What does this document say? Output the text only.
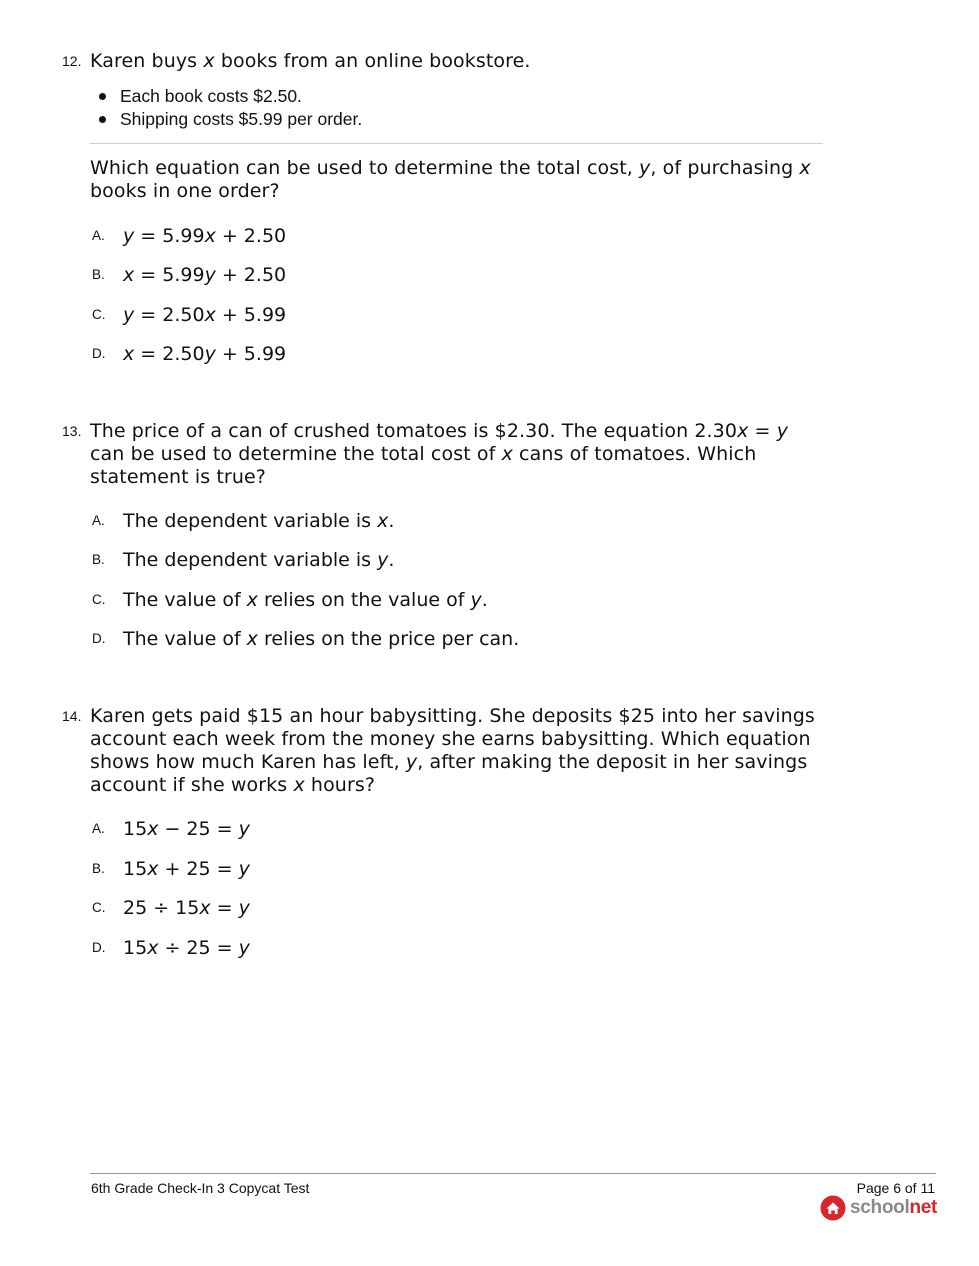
12. Karen buys x books from an online bookstore.
Each book costs $2.50.
Shipping costs $5.99 per order.
Which equation can be used to determine the total cost, y, of purchasing x books in one order?
A. y = 5.99x + 2.50
B. x = 5.99y + 2.50
C. y = 2.50x + 5.99
D. x = 2.50y + 5.99
13. The price of a can of crushed tomatoes is $2.30. The equation 2.30x = y can be used to determine the total cost of x cans of tomatoes. Which statement is true?
A. The dependent variable is x.
B. The dependent variable is y.
C. The value of x relies on the value of y.
D. The value of x relies on the price per can.
14. Karen gets paid $15 an hour babysitting. She deposits $25 into her savings account each week from the money she earns babysitting. Which equation shows how much Karen has left, y, after making the deposit in her savings account if she works x hours?
A. 15x − 25 = y
B. 15x + 25 = y
C. 25 ÷ 15x = y
D. 15x ÷ 25 = y
6th Grade Check-In 3 Copycat Test	Page 6 of 11
schoolnet
